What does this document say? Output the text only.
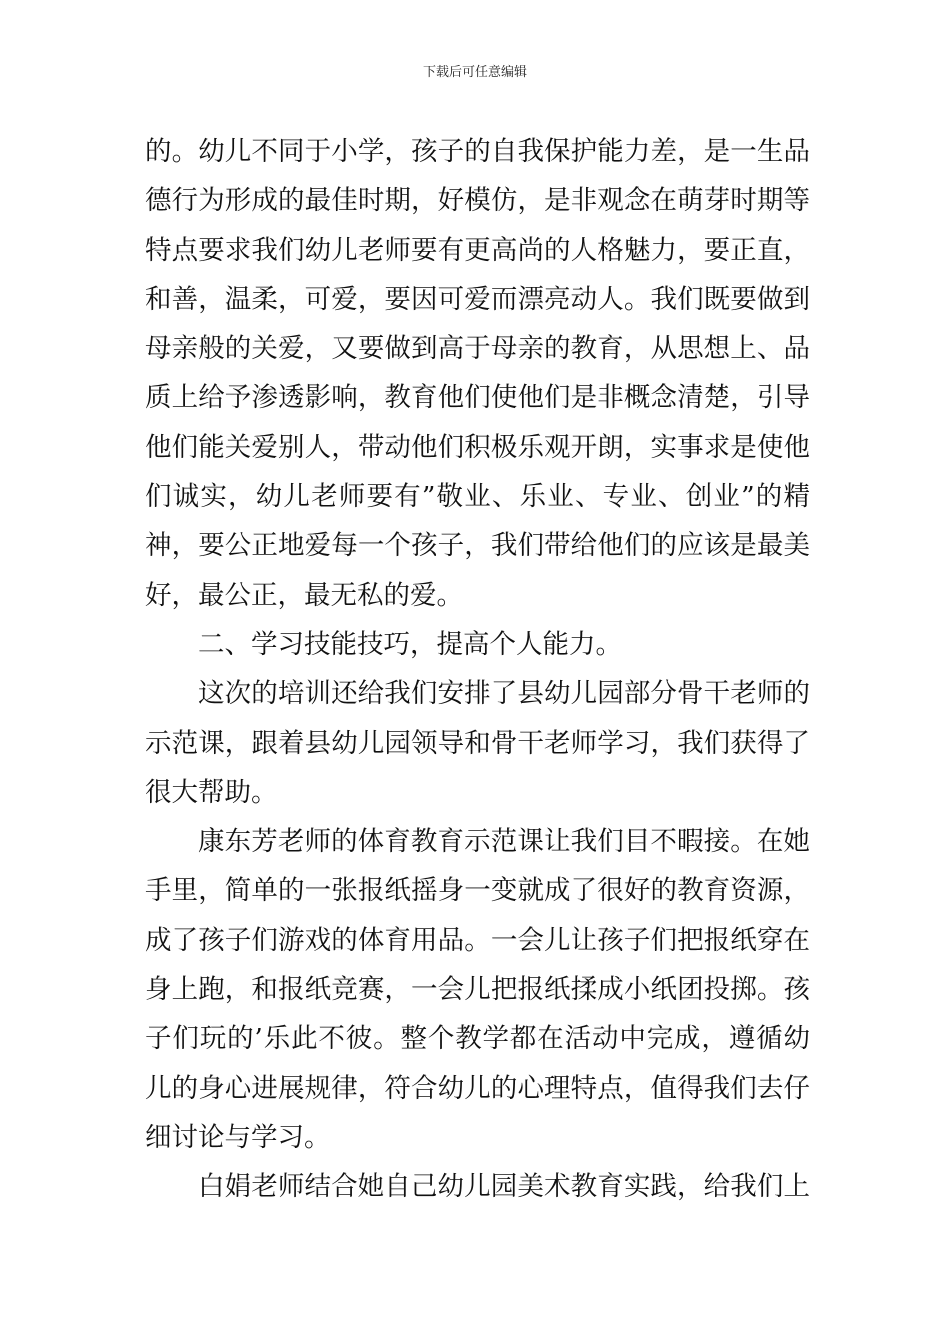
下载后可任意编辑
的。幼儿不同于小学，孩子的自我保护能力差，是一生品
德行为形成的最佳时期，好模仿，是非观念在萌芽时期等
特点要求我们幼儿老师要有更高尚的人格魅力，要正直，
和善，温柔，可爱，要因可爱而漂亮动人。我们既要做到
母亲般的关爱，又要做到高于母亲的教育，从思想上、品
质上给予渗透影响，教育他们使他们是非概念清楚，引导
他们能关爱别人，带动他们积极乐观开朗，实事求是使他
们诚实，幼儿老师要有”敬业、乐业、专业、创业”的精
神，要公正地爱每一个孩子，我们带给他们的应该是最美
好，最公正，最无私的爱。
二、学习技能技巧，提高个人能力。
这次的培训还给我们安排了县幼儿园部分骨干老师的
示范课，跟着县幼儿园领导和骨干老师学习，我们获得了
很大帮助。
康东芳老师的体育教育示范课让我们目不暇接。在她
手里，简单的一张报纸摇身一变就成了很好的教育资源，
成了孩子们游戏的体育用品。一会儿让孩子们把报纸穿在
身上跑，和报纸竞赛，一会儿把报纸揉成小纸团投掷。孩
子们玩的’乐此不彼。整个教学都在活动中完成，遵循幼
儿的身心进展规律，符合幼儿的心理特点，值得我们去仔
细讨论与学习。
白娟老师结合她自己幼儿园美术教育实践，给我们上
